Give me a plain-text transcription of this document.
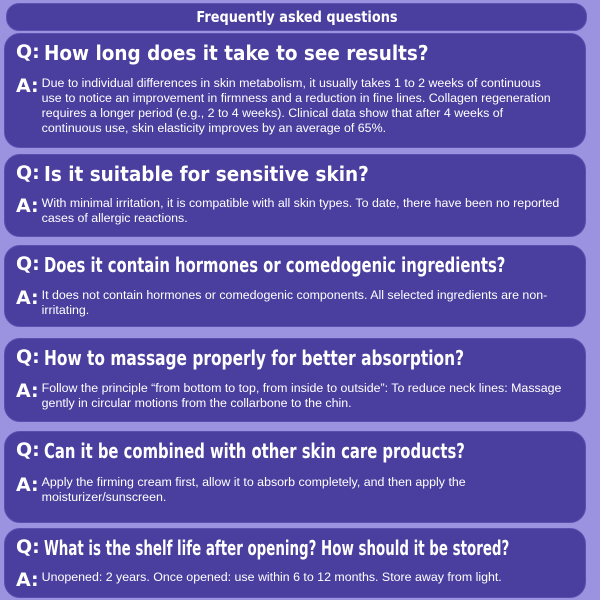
Frequently asked questions
Q: How long does it take to see results?
A: Due to individual differences in skin metabolism, it usually takes 1 to 2 weeks of continuous use to notice an improvement in firmness and a reduction in fine lines. Collagen regeneration requires a longer period (e.g., 2 to 4 weeks). Clinical data show that after 4 weeks of continuous use, skin elasticity improves by an average of 65%.
Q: Is it suitable for sensitive skin?
A: With minimal irritation, it is compatible with all skin types. To date, there have been no reported cases of allergic reactions.
Q: Does it contain hormones or comedogenic ingredients?
A: It does not contain hormones or comedogenic components. All selected ingredients are non-irritating.
Q: How to massage properly for better absorption?
A: Follow the principle “from bottom to top, from inside to outside”: To reduce neck lines: Massage gently in circular motions from the collarbone to the chin.
Q: Can it be combined with other skin care products?
A: Apply the firming cream first, allow it to absorb completely, and then apply the moisturizer/sunscreen.
Q: What is the shelf life after opening? How should it be stored?
A: Unopened: 2 years. Once opened: use within 6 to 12 months. Store away from light.
